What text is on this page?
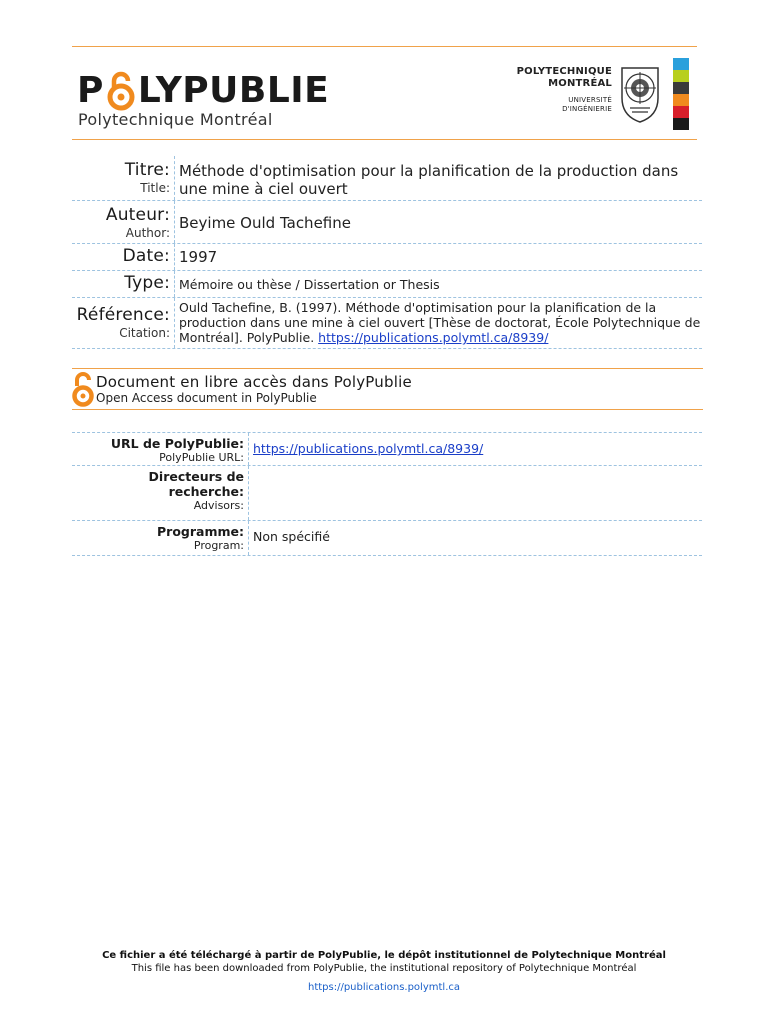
P LYPUBLIE
Polytechnique Montréal
POLYTECHNIQUE
MONTRÉAL
UNIVERSITÉ
D'INGÉNIERIE
Titre:
Title:
Méthode d'optimisation pour la planification de la production dans une mine à ciel ouvert
Auteur:
Author:
Beyime Ould Tachefine
Date: 1997
Type: Mémoire ou thèse / Dissertation or Thesis
Référence:
Citation:
Ould Tachefine, B. (1997). Méthode d'optimisation pour la planification de la production dans une mine à ciel ouvert [Thèse de doctorat, École Polytechnique de Montréal]. PolyPublie. https://publications.polymtl.ca/8939/
Document en libre accès dans PolyPublie
Open Access document in PolyPublie
URL de PolyPublie:
PolyPublie URL:
https://publications.polymtl.ca/8939/
Directeurs de
recherche:
Advisors:
Programme:
Program:
Non spécifié
Ce fichier a été téléchargé à partir de PolyPublie, le dépôt institutionnel de Polytechnique Montréal
This file has been downloaded from PolyPublie, the institutional repository of Polytechnique Montréal
https://publications.polymtl.ca
